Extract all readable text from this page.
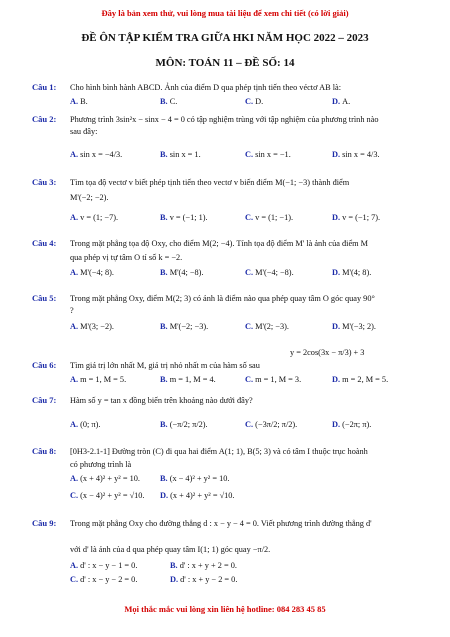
Đây là bản xem thử, vui lòng mua tài liệu để xem chi tiết (có lời giải)
ĐỀ ÔN TẬP KIẾM TRA GIỮA HKI NĂM HỌC 2022 – 2023
MÔN: TOÁN 11 – ĐỀ SỐ: 14
Câu 1: Cho hình bình hành ABCD. Ảnh của điểm D qua phép tịnh tiến theo véctơ AB là:
A. B.	B. C.	C. D.	D. A.
Câu 2: Phương trình 3sin²x − sinx − 4 = 0 có tập nghiệm trùng với tập nghiệm của phương trình nào
sau đây:
A. sin x = −4/3.	B. sin x = 1.	C. sin x = −1.	D. sin x = 4/3.
Câu 3: Tìm tọa độ vectơ v biết phép tịnh tiến theo vectơ v biến điểm M(−1; −3) thành điểm
M'(−2; −2).
A. v = (1; −7).	B. v = (−1; 1).	C. v = (1; −1).	D. v = (−1; 7).
Câu 4: Trong mặt phẳng tọa độ Oxy, cho điểm M(2; −4). Tính tọa độ điểm M' là ảnh của điểm M
qua phép vị tự tâm O tỉ số k = −2.
A. M'(−4; 8).	B. M'(4; −8).	C. M'(−4; −8).	D. M'(4; 8).
Câu 5: Trong mặt phẳng Oxy, điểm M(2; 3) có ảnh là điểm nào qua phép quay tâm O góc quay 90°
?
A. M'(3; −2).	B. M'(−2; −3).	C. M'(2; −3).	D. M'(−3; 2).
y = 2cos(3x − π/3) + 3
Câu 6: Tìm giá trị lớn nhất M, giá trị nhỏ nhất m của hàm số sau
A. m = 1, M = 5.	B. m = 1, M = 4.	C. m = 1, M = 3.	D. m = 2, M = 5.
Câu 7: Hàm số y = tan x đồng biến trên khoảng nào dưới đây?
A. (0; π).	B. (−π/2; π/2).	C. (−3π/2; π/2).	D. (−2π; π).
Câu 8: [0H3-2.1-1] Đường tròn (C) đi qua hai điểm A(1; 1), B(5; 3) và có tâm I thuộc trục hoành
có phương trình là
A. (x + 4)² + y² = 10. B. (x − 4)² + y² = 10.
C. (x − 4)² + y² = √10. D. (x + 4)² + y² = √10.
Câu 9: Trong mặt phẳng Oxy cho đường thẳng d : x − y − 4 = 0. Viết phương trình đường thẳng d'
với d' là ảnh của d qua phép quay tâm I(1; 1) góc quay −π/2.
A. d' : x − y − 1 = 0.	B. d' : x + y + 2 = 0.
C. d' : x − y − 2 = 0.	D. d' : x + y − 2 = 0.
Mọi thắc mắc vui lòng xin liên hệ hotline: 084 283 45 85
